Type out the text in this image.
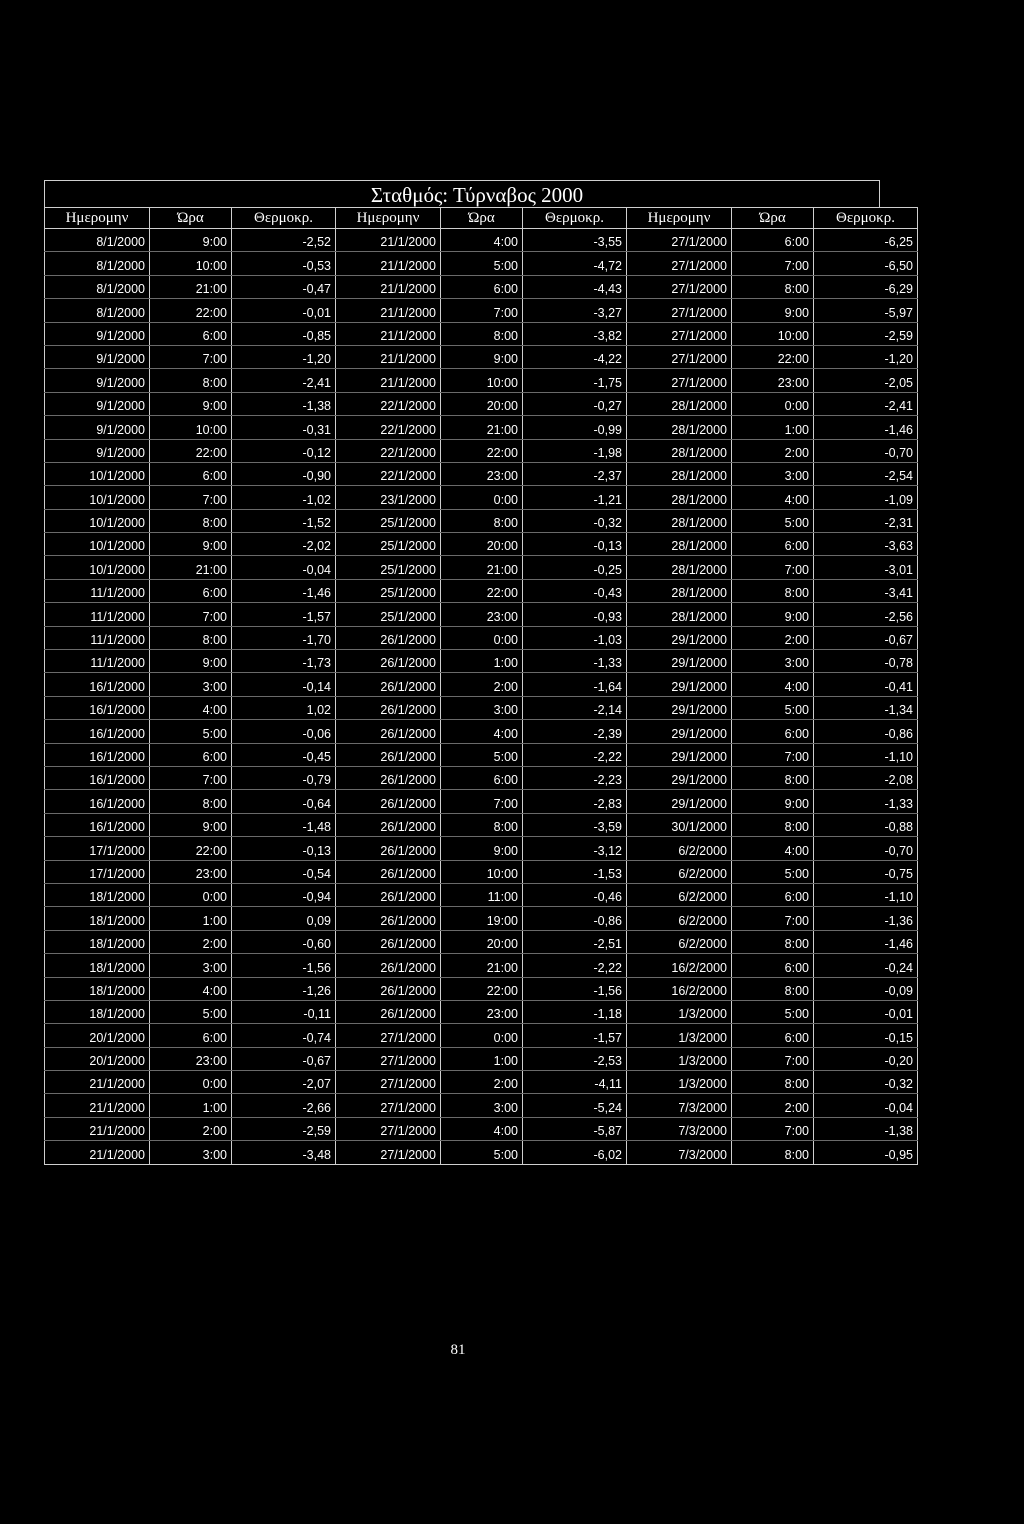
Σταθμός: Τύρναβος 2000
Ημερομην	Ώρα	Θερμοκρ.	Ημερομην	Ώρα	Θερμοκρ.	Ημερομην	Ώρα	Θερμοκρ.
8/1/2000	9:00	-2,52	21/1/2000	4:00	-3,55	27/1/2000	6:00	-6,25
8/1/2000	10:00	-0,53	21/1/2000	5:00	-4,72	27/1/2000	7:00	-6,50
8/1/2000	21:00	-0,47	21/1/2000	6:00	-4,43	27/1/2000	8:00	-6,29
8/1/2000	22:00	-0,01	21/1/2000	7:00	-3,27	27/1/2000	9:00	-5,97
9/1/2000	6:00	-0,85	21/1/2000	8:00	-3,82	27/1/2000	10:00	-2,59
9/1/2000	7:00	-1,20	21/1/2000	9:00	-4,22	27/1/2000	22:00	-1,20
9/1/2000	8:00	-2,41	21/1/2000	10:00	-1,75	27/1/2000	23:00	-2,05
9/1/2000	9:00	-1,38	22/1/2000	20:00	-0,27	28/1/2000	0:00	-2,41
9/1/2000	10:00	-0,31	22/1/2000	21:00	-0,99	28/1/2000	1:00	-1,46
9/1/2000	22:00	-0,12	22/1/2000	22:00	-1,98	28/1/2000	2:00	-0,70
10/1/2000	6:00	-0,90	22/1/2000	23:00	-2,37	28/1/2000	3:00	-2,54
10/1/2000	7:00	-1,02	23/1/2000	0:00	-1,21	28/1/2000	4:00	-1,09
10/1/2000	8:00	-1,52	25/1/2000	8:00	-0,32	28/1/2000	5:00	-2,31
10/1/2000	9:00	-2,02	25/1/2000	20:00	-0,13	28/1/2000	6:00	-3,63
10/1/2000	21:00	-0,04	25/1/2000	21:00	-0,25	28/1/2000	7:00	-3,01
11/1/2000	6:00	-1,46	25/1/2000	22:00	-0,43	28/1/2000	8:00	-3,41
11/1/2000	7:00	-1,57	25/1/2000	23:00	-0,93	28/1/2000	9:00	-2,56
11/1/2000	8:00	-1,70	26/1/2000	0:00	-1,03	29/1/2000	2:00	-0,67
11/1/2000	9:00	-1,73	26/1/2000	1:00	-1,33	29/1/2000	3:00	-0,78
16/1/2000	3:00	-0,14	26/1/2000	2:00	-1,64	29/1/2000	4:00	-0,41
16/1/2000	4:00	1,02	26/1/2000	3:00	-2,14	29/1/2000	5:00	-1,34
16/1/2000	5:00	-0,06	26/1/2000	4:00	-2,39	29/1/2000	6:00	-0,86
16/1/2000	6:00	-0,45	26/1/2000	5:00	-2,22	29/1/2000	7:00	-1,10
16/1/2000	7:00	-0,79	26/1/2000	6:00	-2,23	29/1/2000	8:00	-2,08
16/1/2000	8:00	-0,64	26/1/2000	7:00	-2,83	29/1/2000	9:00	-1,33
16/1/2000	9:00	-1,48	26/1/2000	8:00	-3,59	30/1/2000	8:00	-0,88
17/1/2000	22:00	-0,13	26/1/2000	9:00	-3,12	6/2/2000	4:00	-0,70
17/1/2000	23:00	-0,54	26/1/2000	10:00	-1,53	6/2/2000	5:00	-0,75
18/1/2000	0:00	-0,94	26/1/2000	11:00	-0,46	6/2/2000	6:00	-1,10
18/1/2000	1:00	0,09	26/1/2000	19:00	-0,86	6/2/2000	7:00	-1,36
18/1/2000	2:00	-0,60	26/1/2000	20:00	-2,51	6/2/2000	8:00	-1,46
18/1/2000	3:00	-1,56	26/1/2000	21:00	-2,22	16/2/2000	6:00	-0,24
18/1/2000	4:00	-1,26	26/1/2000	22:00	-1,56	16/2/2000	8:00	-0,09
18/1/2000	5:00	-0,11	26/1/2000	23:00	-1,18	1/3/2000	5:00	-0,01
20/1/2000	6:00	-0,74	27/1/2000	0:00	-1,57	1/3/2000	6:00	-0,15
20/1/2000	23:00	-0,67	27/1/2000	1:00	-2,53	1/3/2000	7:00	-0,20
21/1/2000	0:00	-2,07	27/1/2000	2:00	-4,11	1/3/2000	8:00	-0,32
21/1/2000	1:00	-2,66	27/1/2000	3:00	-5,24	7/3/2000	2:00	-0,04
21/1/2000	2:00	-2,59	27/1/2000	4:00	-5,87	7/3/2000	7:00	-1,38
21/1/2000	3:00	-3,48	27/1/2000	5:00	-6,02	7/3/2000	8:00	-0,95
81
